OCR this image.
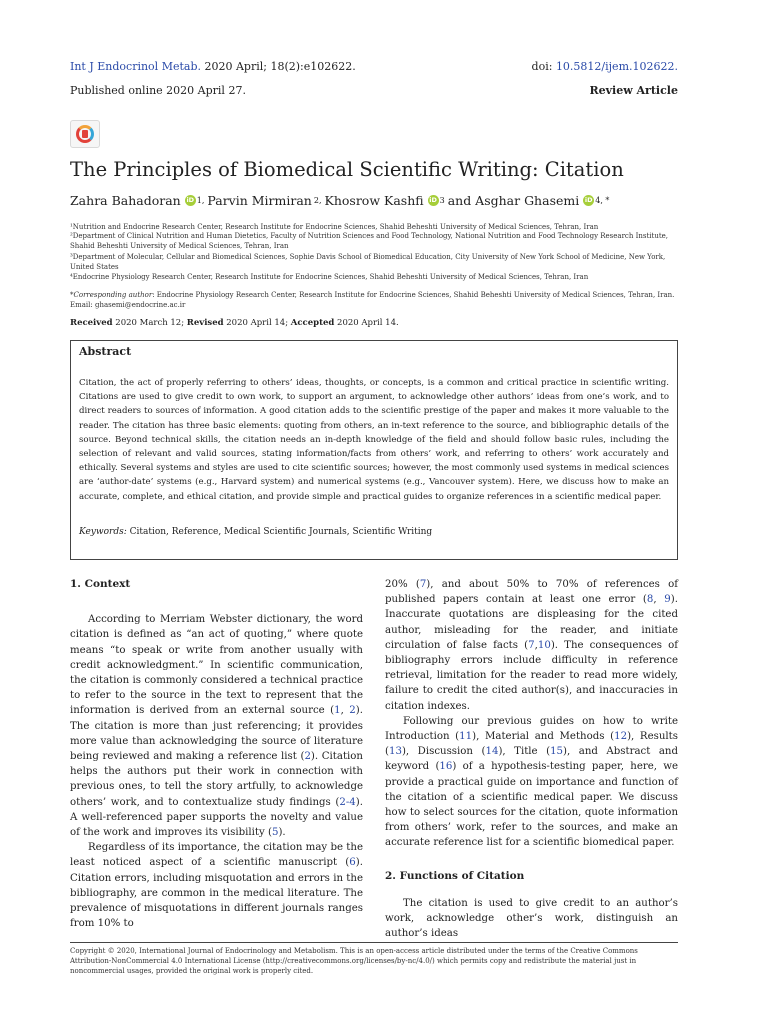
Int J Endocrinol Metab. 2020 April; 18(2):e102622.	doi: 10.5812/ijem.102622.
Published online 2020 April 27.	Review Article
The Principles of Biomedical Scientific Writing: Citation
Zahra Bahadoran iD 1, Parvin Mirmiran 2, Khosrow Kashfi iD 3 and Asghar Ghasemi iD 4, *
¹Nutrition and Endocrine Research Center, Research Institute for Endocrine Sciences, Shahid Beheshti University of Medical Sciences, Tehran, Iran
²Department of Clinical Nutrition and Human Dietetics, Faculty of Nutrition Sciences and Food Technology, National Nutrition and Food Technology Research Institute, Shahid Beheshti University of Medical Sciences, Tehran, Iran
³Department of Molecular, Cellular and Biomedical Sciences, Sophie Davis School of Biomedical Education, City University of New York School of Medicine, New York, United States
⁴Endocrine Physiology Research Center, Research Institute for Endocrine Sciences, Shahid Beheshti University of Medical Sciences, Tehran, Iran
*Corresponding author: Endocrine Physiology Research Center, Research Institute for Endocrine Sciences, Shahid Beheshti University of Medical Sciences, Tehran, Iran. Email: ghasemi@endocrine.ac.ir
Received 2020 March 12; Revised 2020 April 14; Accepted 2020 April 14.
Abstract

Citation, the act of properly referring to others’ ideas, thoughts, or concepts, is a common and critical practice in scientific writing. Citations are used to give credit to own work, to support an argument, to acknowledge other authors’ ideas from one’s work, and to direct readers to sources of information. A good citation adds to the scientific prestige of the paper and makes it more valuable to the reader. The citation has three basic elements: quoting from others, an in-text reference to the source, and bibliographic details of the source. Beyond technical skills, the citation needs an in-depth knowledge of the field and should follow basic rules, including the selection of relevant and valid sources, stating information/facts from others’ work, and referring to others’ work accurately and ethically. Several systems and styles are used to cite scientific sources; however, the most commonly used systems in medical sciences are ‘author-date’ systems (e.g., Harvard system) and numerical systems (e.g., Vancouver system). Here, we discuss how to make an accurate, complete, and ethical citation, and provide simple and practical guides to organize references in a scientific medical paper.

Keywords: Citation, Reference, Medical Scientific Journals, Scientific Writing
1. Context

According to Merriam Webster dictionary, the word citation is defined as “an act of quoting,” where quote means “to speak or write from another usually with credit acknowledgment.” In scientific communication, the citation is commonly considered a technical practice to refer to the source in the text to represent that the information is derived from an external source (1, 2). The citation is more than just referencing; it provides more value than acknowledging the source of literature being reviewed and making a reference list (2). Citation helps the authors put their work in connection with previous ones, to tell the story artfully, to acknowledge others’ work, and to contextualize study findings (2-4). A well-referenced paper supports the novelty and value of the work and improves its visibility (5).

Regardless of its importance, the citation may be the least noticed aspect of a scientific manuscript (6). Citation errors, including misquotation and errors in the bibliography, are common in the medical literature. The prevalence of misquotations in different journals ranges from 10% to

20% (7), and about 50% to 70% of references of published papers contain at least one error (8, 9). Inaccurate quotations are displeasing for the cited author, misleading for the reader, and initiate circulation of false facts (7,10). The consequences of bibliography errors include difficulty in reference retrieval, limitation for the reader to read more widely, failure to credit the cited author(s), and inaccuracies in citation indexes.

Following our previous guides on how to write Introduction (11), Material and Methods (12), Results (13), Discussion (14), Title (15), and Abstract and keyword (16) of a hypothesis-testing paper, here, we provide a practical guide on importance and function of the citation of a scientific medical paper. We discuss how to select sources for the citation, quote information from others’ work, refer to the sources, and make an accurate reference list for a scientific biomedical paper.

2. Functions of Citation

The citation is used to give credit to an author’s work, acknowledge other’s work, distinguish an author’s ideas

Copyright © 2020, International Journal of Endocrinology and Metabolism. This is an open-access article distributed under the terms of the Creative Commons Attribution-NonCommercial 4.0 International License (http://creativecommons.org/licenses/by-nc/4.0/) which permits copy and redistribute the material just in noncommercial usages, provided the original work is properly cited.
